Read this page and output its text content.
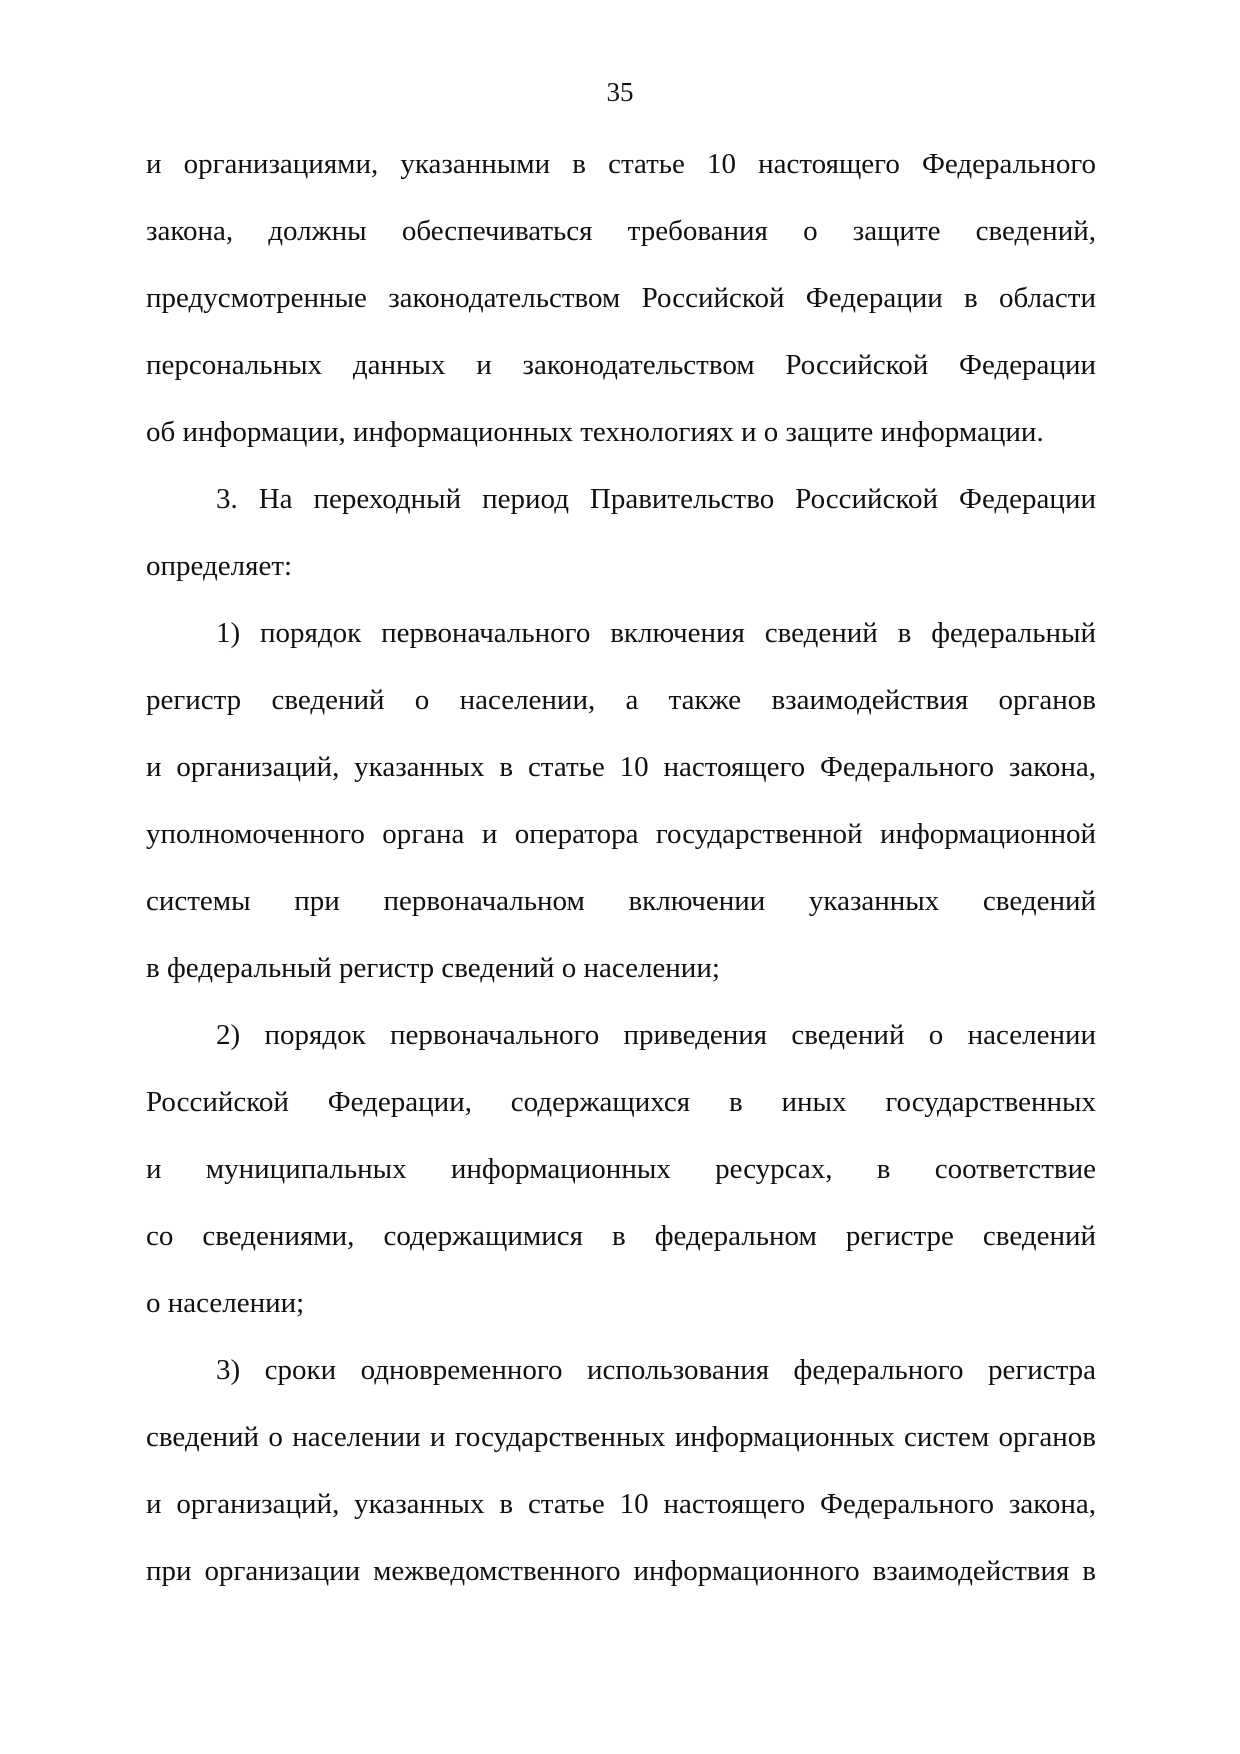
35
и организациями, указанными в статье 10 настоящего Федерального
закона, должны обеспечиваться требования о защите сведений,
предусмотренные законодательством Российской Федерации в области
персональных данных и законодательством Российской Федерации
об информации, информационных технологиях и о защите информации.
3. На переходный период Правительство Российской Федерации
определяет:
1) порядок первоначального включения сведений в федеральный
регистр сведений о населении, а также взаимодействия органов
и организаций, указанных в статье 10 настоящего Федерального закона,
уполномоченного органа и оператора государственной информационной
системы при первоначальном включении указанных сведений
в федеральный регистр сведений о населении;
2) порядок первоначального приведения сведений о населении
Российской Федерации, содержащихся в иных государственных
и муниципальных информационных ресурсах, в соответствие
со сведениями, содержащимися в федеральном регистре сведений
о населении;
3) сроки одновременного использования федерального регистра
сведений о населении и государственных информационных систем органов
и организаций, указанных в статье 10 настоящего Федерального закона,
при организации межведомственного информационного взаимодействия в
